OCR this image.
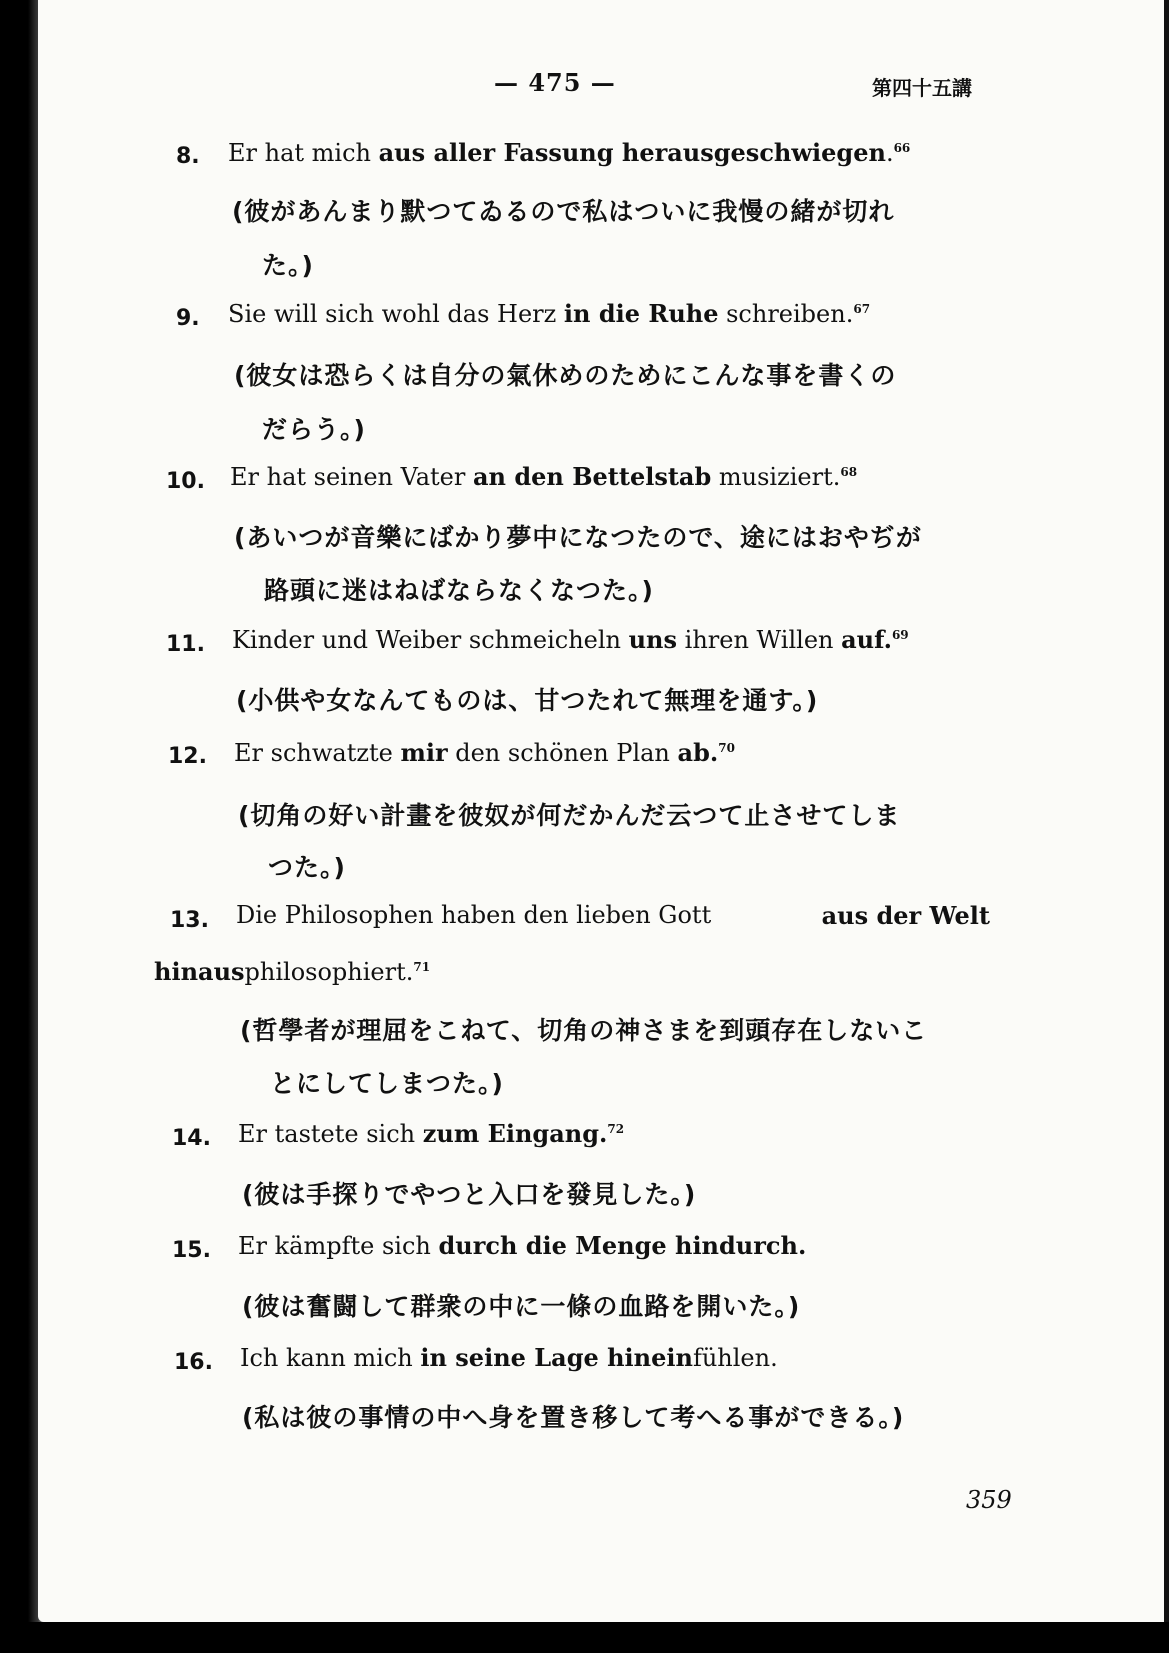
— 475 —	第四十五講
8. Er hat mich aus aller Fassung herausgeschwiegen.$^{66}$
(彼があんまり默つてゐるので私はついに我慢の緒が切れ
た。)
9. Sie will sich wohl das Herz in die Ruhe schreiben.$^{67}$
(彼女は恐らくは自分の氣休めのためにこんな事を書くの
だらう。)
10. Er hat seinen Vater an den Bettelstab musiziert.$^{68}$
(あいつが音樂にばかり夢中になつたので、途にはおやぢが
路頭に迷はねばならなくなつた。)
11. Kinder und Weiber schmeicheln uns ihren Willen auf.$^{69}$
(小供や女なんてものは、甘つたれて無理を通す。)
12. Er schwatzte mir den schönen Plan ab.$^{70}$
(切角の好い計畫を彼奴が何だかんだ云つて止させてしま
つた。)
13. Die Philosophen haben den lieben Gott	aus der Welt
hinausphilosophiert.$^{71}$
(哲學者が理屈をこねて、切角の神さまを到頭存在しないこ
とにしてしまつた。)
14. Er tastete sich zum Eingang.$^{72}$
(彼は手探りでやつと入口を發見した。)
15. Er kämpfte sich durch die Menge hindurch.
(彼は奮闘して群衆の中に一條の血路を開いた。)
16. Ich kann mich in seine Lage hineinfühlen.
(私は彼の事情の中へ身を置き移して考へる事ができる。)
359
